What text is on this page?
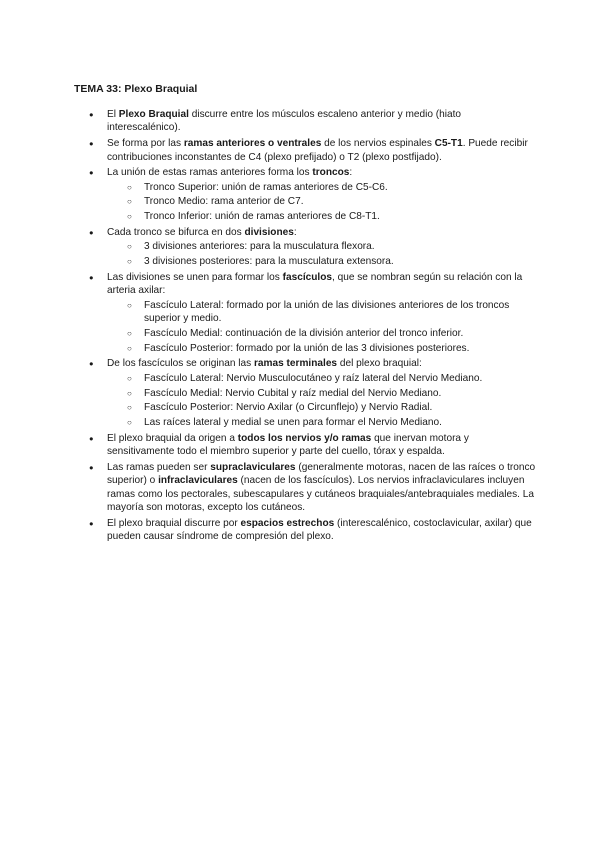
TEMA 33: Plexo Braquial
● El Plexo Braquial discurre entre los músculos escaleno anterior y medio (hiato interescalénico).
● Se forma por las ramas anteriores o ventrales de los nervios espinales C5-T1. Puede recibir contribuciones inconstantes de C4 (plexo prefijado) o T2 (plexo postfijado).
● La unión de estas ramas anteriores forma los troncos:
○ Tronco Superior: unión de ramas anteriores de C5-C6.
○ Tronco Medio: rama anterior de C7.
○ Tronco Inferior: unión de ramas anteriores de C8-T1.
● Cada tronco se bifurca en dos divisiones:
○ 3 divisiones anteriores: para la musculatura flexora.
○ 3 divisiones posteriores: para la musculatura extensora.
● Las divisiones se unen para formar los fascículos, que se nombran según su relación con la arteria axilar:
○ Fascículo Lateral: formado por la unión de las divisiones anteriores de los troncos superior y medio.
○ Fascículo Medial: continuación de la división anterior del tronco inferior.
○ Fascículo Posterior: formado por la unión de las 3 divisiones posteriores.
● De los fascículos se originan las ramas terminales del plexo braquial:
○ Fascículo Lateral: Nervio Musculocutáneo y raíz lateral del Nervio Mediano.
○ Fascículo Medial: Nervio Cubital y raíz medial del Nervio Mediano.
○ Fascículo Posterior: Nervio Axilar (o Circunflejo) y Nervio Radial.
○ Las raíces lateral y medial se unen para formar el Nervio Mediano.
● El plexo braquial da origen a todos los nervios y/o ramas que inervan motora y sensitivamente todo el miembro superior y parte del cuello, tórax y espalda.
● Las ramas pueden ser supraclaviculares (generalmente motoras, nacen de las raíces o tronco superior) o infraclaviculares (nacen de los fascículos). Los nervios infraclaviculares incluyen ramas como los pectorales, subescapulares y cutáneos braquiales/antebraquiales mediales. La mayoría son motoras, excepto los cutáneos.
● El plexo braquial discurre por espacios estrechos (interescalénico, costoclavicular, axilar) que pueden causar síndrome de compresión del plexo.
